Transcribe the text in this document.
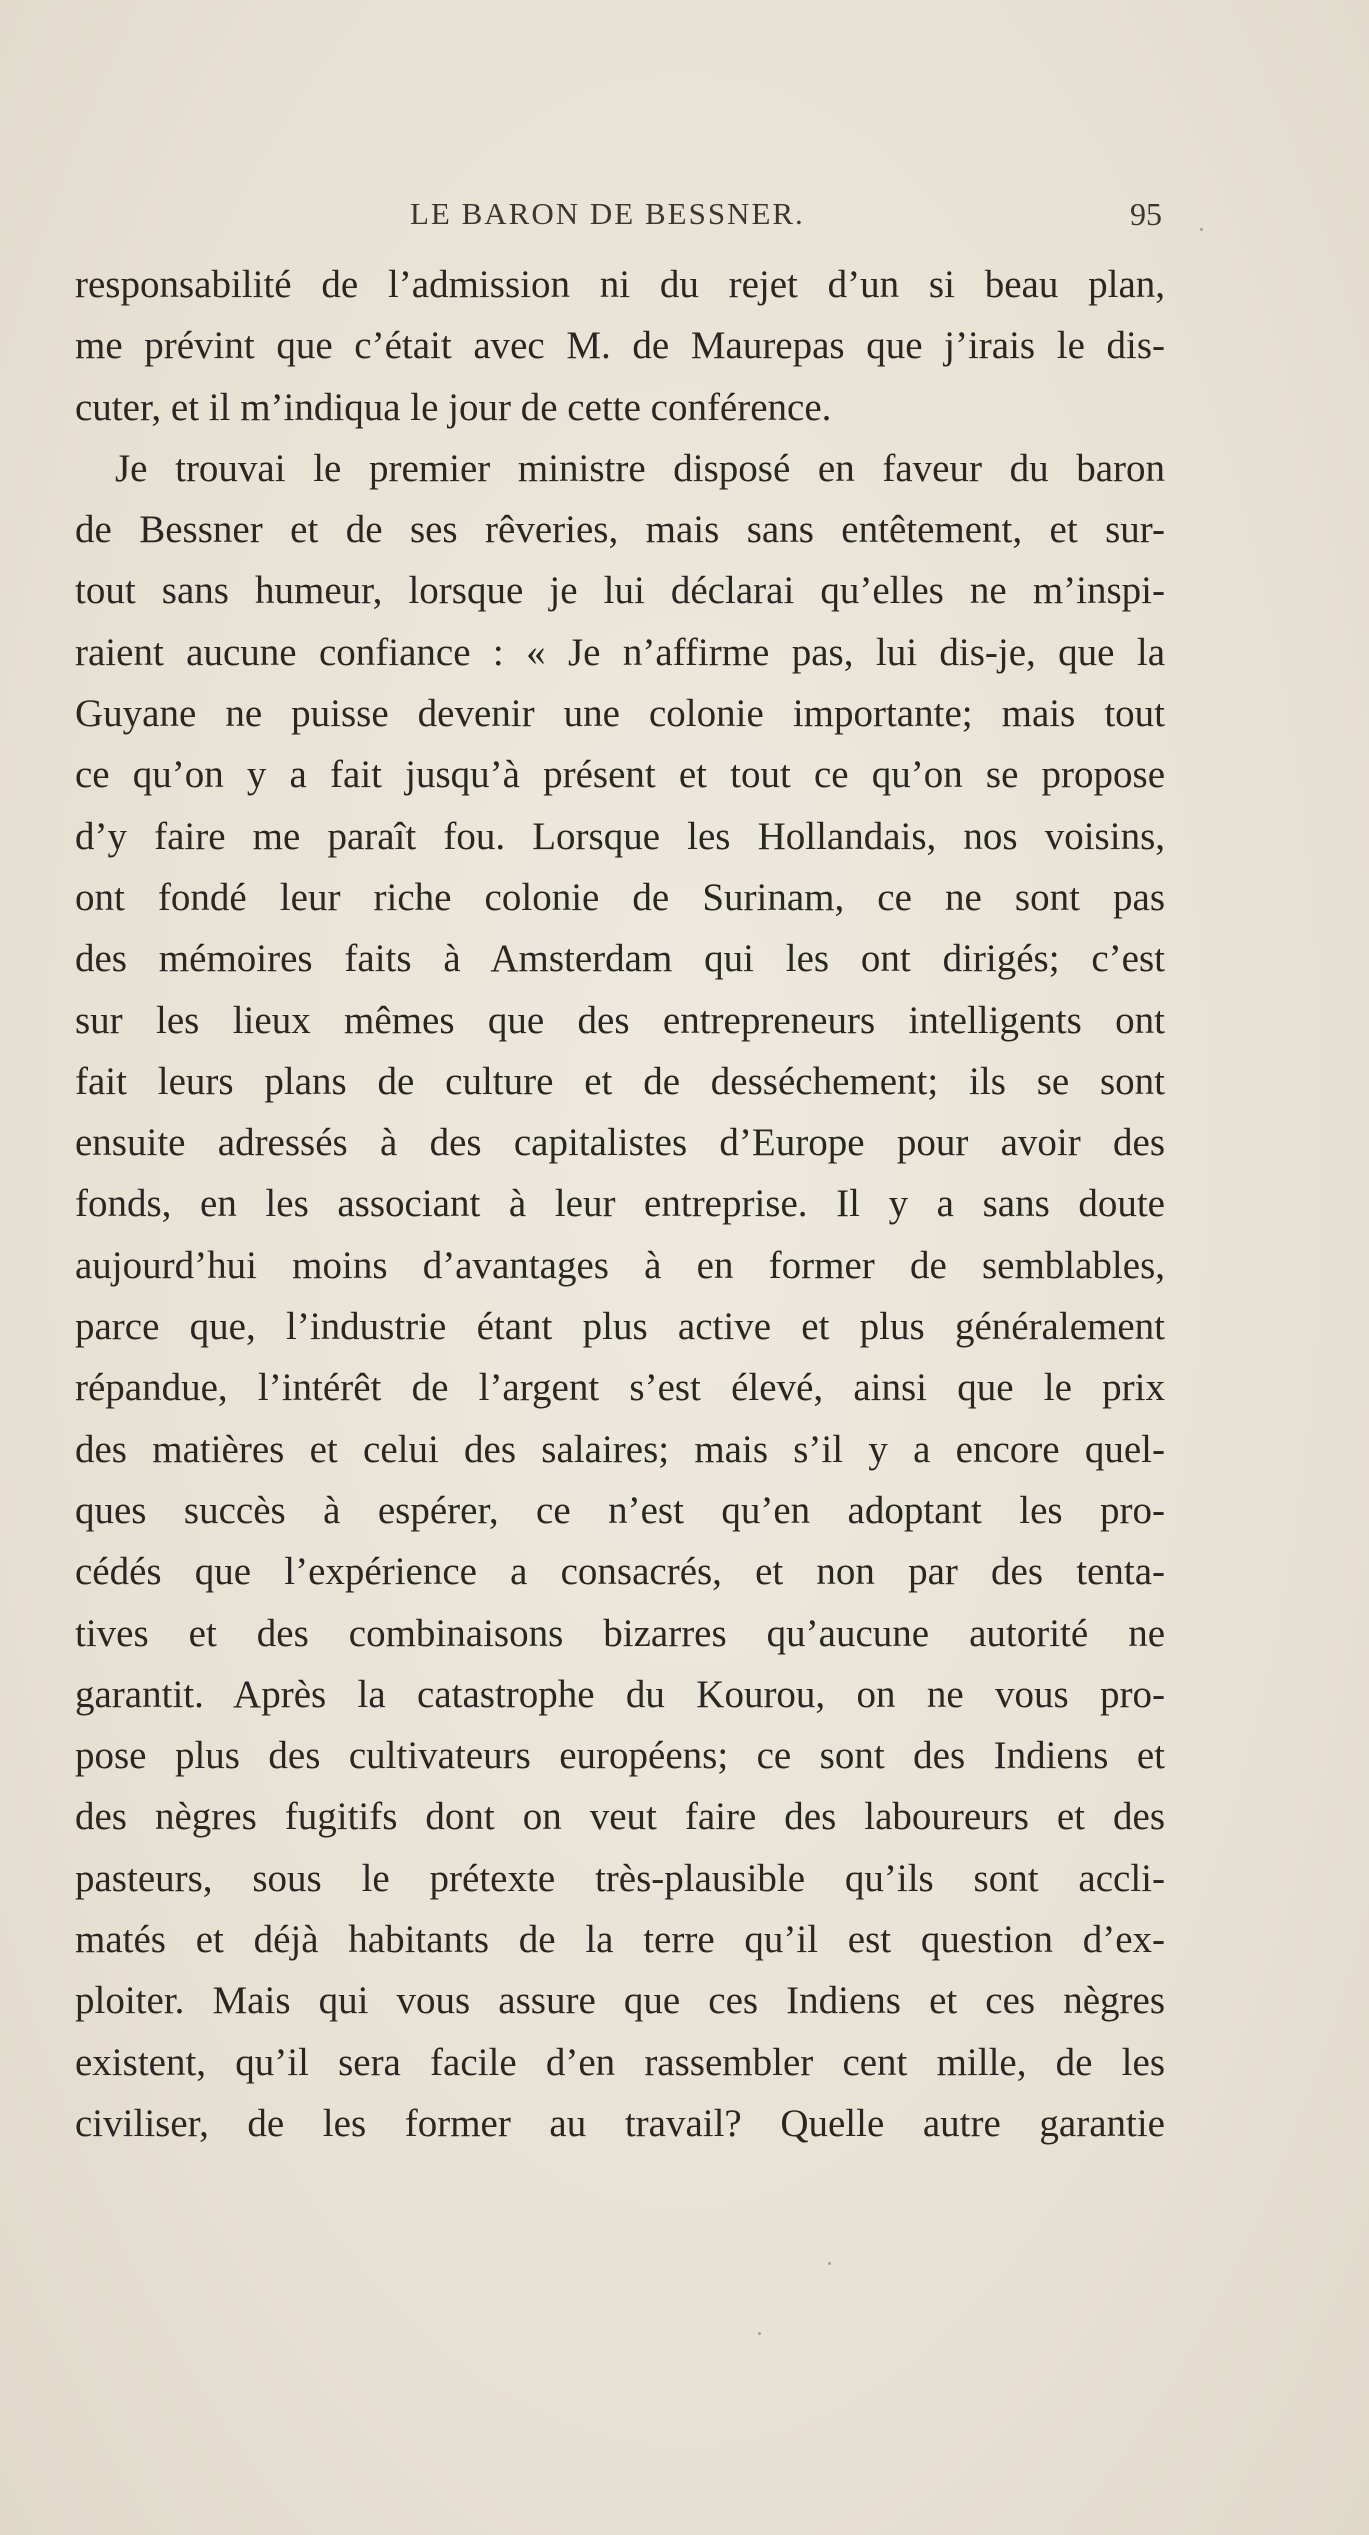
LE BARON DE BESSNER.	95
responsabilité de l’admission ni du rejet d’un si beau plan,
me prévint que c’était avec M. de Maurepas que j’irais le dis-
cuter, et il m’indiqua le jour de cette conférence.
Je trouvai le premier ministre disposé en faveur du baron
de Bessner et de ses rêveries, mais sans entêtement, et sur-
tout sans humeur, lorsque je lui déclarai qu’elles ne m’inspi-
raient aucune confiance : « Je n’affirme pas, lui dis-je, que la
Guyane ne puisse devenir une colonie importante; mais tout
ce qu’on y a fait jusqu’à présent et tout ce qu’on se propose
d’y faire me paraît fou. Lorsque les Hollandais, nos voisins,
ont fondé leur riche colonie de Surinam, ce ne sont pas
des mémoires faits à Amsterdam qui les ont dirigés; c’est
sur les lieux mêmes que des entrepreneurs intelligents ont
fait leurs plans de culture et de desséchement; ils se sont
ensuite adressés à des capitalistes d’Europe pour avoir des
fonds, en les associant à leur entreprise. Il y a sans doute
aujourd’hui moins d’avantages à en former de semblables,
parce que, l’industrie étant plus active et plus généralement
répandue, l’intérêt de l’argent s’est élevé, ainsi que le prix
des matières et celui des salaires; mais s’il y a encore quel-
ques succès à espérer, ce n’est qu’en adoptant les pro-
cédés que l’expérience a consacrés, et non par des tenta-
tives et des combinaisons bizarres qu’aucune autorité ne
garantit. Après la catastrophe du Kourou, on ne vous pro-
pose plus des cultivateurs européens; ce sont des Indiens et
des nègres fugitifs dont on veut faire des laboureurs et des
pasteurs, sous le prétexte très-plausible qu’ils sont accli-
matés et déjà habitants de la terre qu’il est question d’ex-
ploiter. Mais qui vous assure que ces Indiens et ces nègres
existent, qu’il sera facile d’en rassembler cent mille, de les
civiliser, de les former au travail? Quelle autre garantie
